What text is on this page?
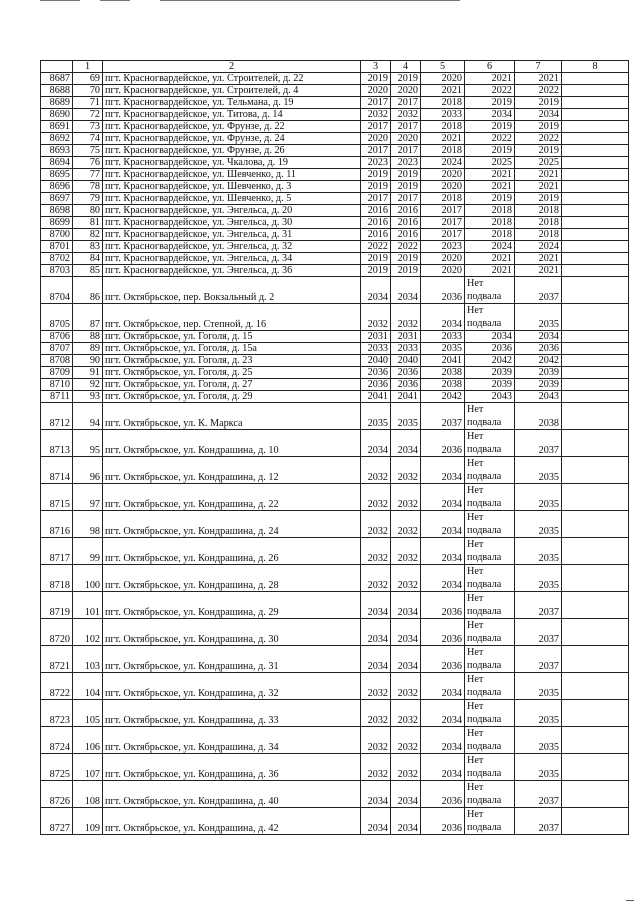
	1	2	3	4	5	6	7	8
8687	69	пгт. Красногвардейское, ул. Строителей, д. 22	2019	2019	2020	2021	2021	
8688	70	пгт. Красногвардейское, ул. Строителей, д. 4	2020	2020	2021	2022	2022	
8689	71	пгт. Красногвардейское, ул. Тельмана, д. 19	2017	2017	2018	2019	2019	
8690	72	пгт. Красногвардейское, ул. Титова, д. 14	2032	2032	2033	2034	2034	
8691	73	пгт. Красногвардейское, ул. Фрунзе, д. 22	2017	2017	2018	2019	2019	
8692	74	пгт. Красногвардейское, ул. Фрунзе, д. 24	2020	2020	2021	2022	2022	
8693	75	пгт. Красногвардейское, ул. Фрунзе, д. 26	2017	2017	2018	2019	2019	
8694	76	пгт. Красногвардейское, ул. Чкалова, д. 19	2023	2023	2024	2025	2025	
8695	77	пгт. Красногвардейское, ул. Шевченко, д. 11	2019	2019	2020	2021	2021	
8696	78	пгт. Красногвардейское, ул. Шевченко, д. 3	2019	2019	2020	2021	2021	
8697	79	пгт. Красногвардейское, ул. Шевченко, д. 5	2017	2017	2018	2019	2019	
8698	80	пгт. Красногвардейское, ул. Энгельса, д. 20	2016	2016	2017	2018	2018	
8699	81	пгт. Красногвардейское, ул. Энгельса, д. 30	2016	2016	2017	2018	2018	
8700	82	пгт. Красногвардейское, ул. Энгельса, д. 31	2016	2016	2017	2018	2018	
8701	83	пгт. Красногвардейское, ул. Энгельса, д. 32	2022	2022	2023	2024	2024	
8702	84	пгт. Красногвардейское, ул. Энгельса, д. 34	2019	2019	2020	2021	2021	
8703	85	пгт. Красногвардейское, ул. Энгельса, д. 36	2019	2019	2020	2021	2021	
8704	86	пгт. Октябрьское, пер. Вокзальный д. 2	2034	2034	2036	Нет подвала	2037	
8705	87	пгт. Октябрьское, пер. Степной, д. 16	2032	2032	2034	Нет подвала	2035	
8706	88	пгт. Октябрьское, ул. Гоголя, д. 15	2031	2031	2033	2034	2034	
8707	89	пгт. Октябрьское, ул. Гоголя, д. 15а	2033	2033	2035	2036	2036	
8708	90	пгт. Октябрьское, ул. Гоголя, д. 23	2040	2040	2041	2042	2042	
8709	91	пгт. Октябрьское, ул. Гоголя, д. 25	2036	2036	2038	2039	2039	
8710	92	пгт. Октябрьское, ул. Гоголя, д. 27	2036	2036	2038	2039	2039	
8711	93	пгт. Октябрьское, ул. Гоголя, д. 29	2041	2041	2042	2043	2043	
8712	94	пгт. Октябрьское, ул. К. Маркса	2035	2035	2037	Нет подвала	2038	
8713	95	пгт. Октябрьское, ул. Кондрашина, д. 10	2034	2034	2036	Нет подвала	2037	
8714	96	пгт. Октябрьское, ул. Кондрашина, д. 12	2032	2032	2034	Нет подвала	2035	
8715	97	пгт. Октябрьское, ул. Кондрашина, д. 22	2032	2032	2034	Нет подвала	2035	
8716	98	пгт. Октябрьское, ул. Кондрашина, д. 24	2032	2032	2034	Нет подвала	2035	
8717	99	пгт. Октябрьское, ул. Кондрашина, д. 26	2032	2032	2034	Нет подвала	2035	
8718	100	пгт. Октябрьское, ул. Кондрашина, д. 28	2032	2032	2034	Нет подвала	2035	
8719	101	пгт. Октябрьское, ул. Кондрашина, д. 29	2034	2034	2036	Нет подвала	2037	
8720	102	пгт. Октябрьское, ул. Кондрашина, д. 30	2034	2034	2036	Нет подвала	2037	
8721	103	пгт. Октябрьское, ул. Кондрашина, д. 31	2034	2034	2036	Нет подвала	2037	
8722	104	пгт. Октябрьское, ул. Кондрашина, д. 32	2032	2032	2034	Нет подвала	2035	
8723	105	пгт. Октябрьское, ул. Кондрашина, д. 33	2032	2032	2034	Нет подвала	2035	
8724	106	пгт. Октябрьское, ул. Кондрашина, д. 34	2032	2032	2034	Нет подвала	2035	
8725	107	пгт. Октябрьское, ул. Кондрашина, д. 36	2032	2032	2034	Нет подвала	2035	
8726	108	пгт. Октябрьское, ул. Кондрашина, д. 40	2034	2034	2036	Нет подвала	2037	
8727	109	пгт. Октябрьское, ул. Кондрашина, д. 42	2034	2034	2036	Нет подвала	2037	
